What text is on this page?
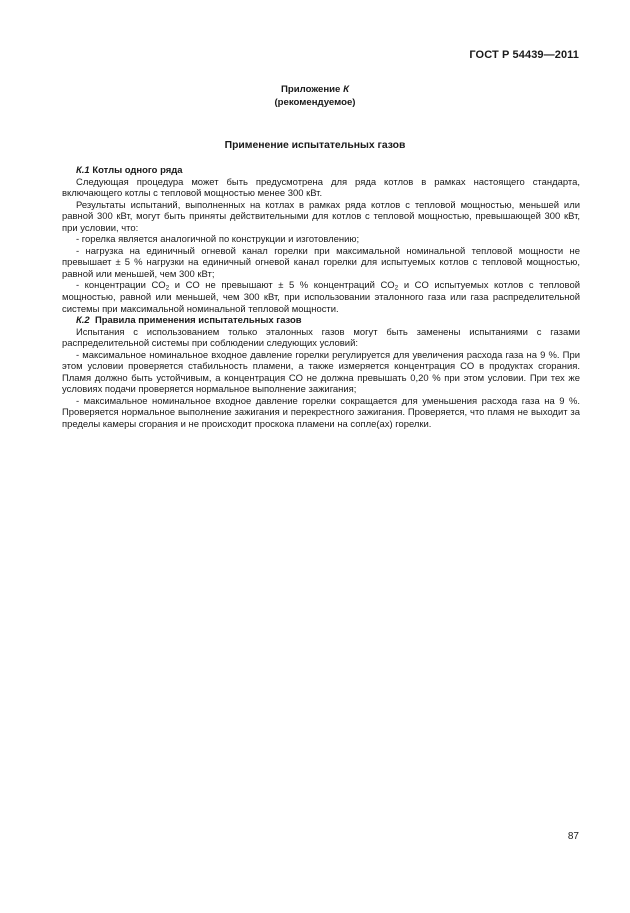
ГОСТ Р 54439—2011
Приложение К
(рекомендуемое)
Применение испытательных газов

К.1 Котлы одного ряда

Следующая процедура может быть предусмотрена для ряда котлов в рамках настоящего стандарта, включающего котлы с тепловой мощностью менее 300 кВт.

Результаты испытаний, выполненных на котлах в рамках ряда котлов с тепловой мощностью, меньшей или равной 300 кВт, могут быть приняты действительными для котлов с тепловой мощностью, превышающей 300 кВт, при условии, что:

- горелка является аналогичной по конструкции и изготовлению;

- нагрузка на единичный огневой канал горелки при максимальной номинальной тепловой мощности не превышает ± 5 % нагрузки на единичный огневой канал горелки для испытуемых котлов с тепловой мощностью, равной или меньшей, чем 300 кВт;

- концентрации $CO_2$ и CO не превышают ± 5 % концентраций $CO_2$ и CO испытуемых котлов с тепловой мощностью, равной или меньшей, чем 300 кВт, при использовании эталонного газа или газа распределительной системы при максимальной номинальной тепловой мощности.

К.2 Правила применения испытательных газов

Испытания с использованием только эталонных газов могут быть заменены испытаниями с газами распределительной системы при соблюдении следующих условий:

- максимальное номинальное входное давление горелки регулируется для увеличения расхода газа на 9 %. При этом условии проверяется стабильность пламени, а также измеряется концентрация CO в продуктах сгорания. Пламя должно быть устойчивым, а концентрация CO не должна превышать 0,20 % при этом условии. При тех же условиях подачи проверяется нормальное выполнение зажигания;

- максимальное номинальное входное давление горелки сокращается для уменьшения расхода газа на 9 %. Проверяется нормальное выполнение зажигания и перекрестного зажигания. Проверяется, что пламя не выходит за пределы камеры сгорания и не происходит проскока пламени на сопле(ах) горелки.

87
